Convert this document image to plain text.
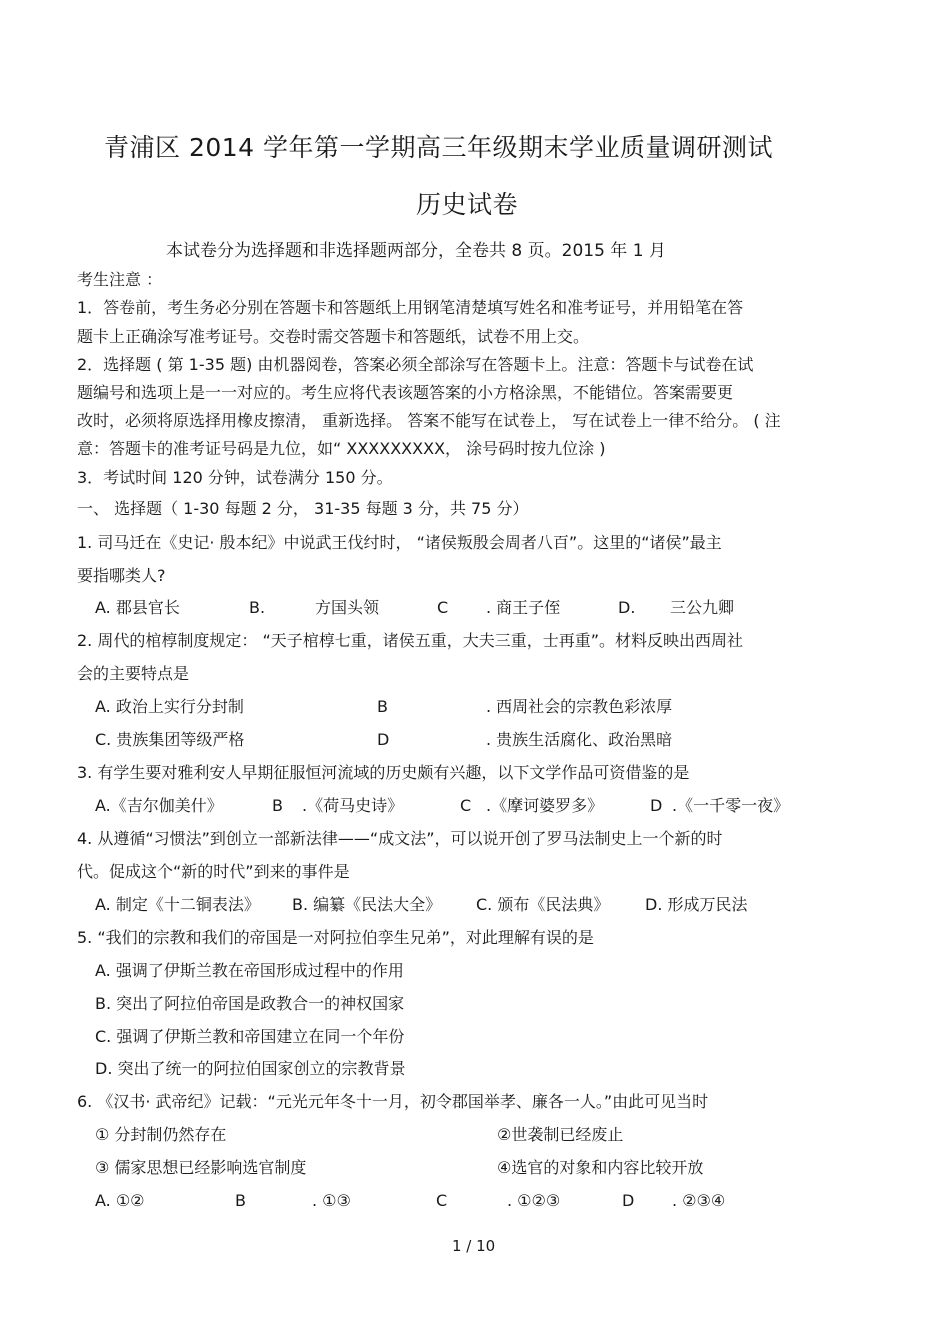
青浦区 2014 学年第一学期高三年级期末学业质量调研测试
历史试卷
本试卷分为选择题和非选择题两部分，全卷共 8 页。2015 年 1 月
考生注意 ：
1．答卷前，考生务必分别在答题卡和答题纸上用钢笔清楚填写姓名和准考证号，并用铅笔在答
题卡上正确涂写准考证号。交卷时需交答题卡和答题纸，试卷不用上交。
2．选择题 ( 第 1-35 题) 由机器阅卷，答案必须全部涂写在答题卡上。注意：答题卡与试卷在试
题编号和选项上是一一对应的。考生应将代表该题答案的小方格涂黑，不能错位。答案需要更
改时，必须将原选择用橡皮擦清， 重新选择。 答案不能写在试卷上， 写在试卷上一律不给分。 ( 注
意：答题卡的准考证号码是九位，如“ XXXXXXXXX， 涂号码时按九位涂 )
3．考试时间 120 分钟，试卷满分 150 分。
一、 选择题（ 1-30 每题 2 分， 31-35 每题 3 分，共 75 分）
1. 司马迁在《史记· 殷本纪》中说武王伐纣时， “诸侯叛殷会周者八百”。这里的“诸侯”最主
要指哪类人?
A. 郡县官长	B.	方国头领	C . 商王子侄	D. 三公九卿
2. 周代的棺椁制度规定： “天子棺椁七重，诸侯五重，大夫三重，士再重”。材料反映出西周社
会的主要特点是
A. 政治上实行分封制	B	. 西周社会的宗教色彩浓厚
C. 贵族集团等级严格	D	. 贵族生活腐化、政治黑暗
3. 有学生要对雅利安人早期征服恒河流域的历史颇有兴趣，以下文学作品可资借鉴的是
A.《吉尔伽美什》	B .《荷马史诗》	C .《摩诃婆罗多》	D .《一千零一夜》
4. 从遵循“习惯法”到创立一部新法律——“成文法”，可以说开创了罗马法制史上一个新的时
代。促成这个“新的时代”到来的事件是
A. 制定《十二铜表法》 B. 编纂《民法大全》 C. 颁布《民法典》 D. 形成万民法
5. “我们的宗教和我们的帝国是一对阿拉伯孪生兄弟”，对此理解有误的是
A. 强调了伊斯兰教在帝国形成过程中的作用
B. 突出了阿拉伯帝国是政教合一的神权国家
C. 强调了伊斯兰教和帝国建立在同一个年份
D. 突出了统一的阿拉伯国家创立的宗教背景
6. 《汉书· 武帝纪》记载：“元光元年冬十一月，初令郡国举孝、廉各一人。”由此可见当时
① 分封制仍然存在	②世袭制已经废止
③ 儒家思想已经影响选官制度	④选官的对象和内容比较开放
A. ①②	B	. ①③	C	. ①②③	D . ②③④
1 / 10
